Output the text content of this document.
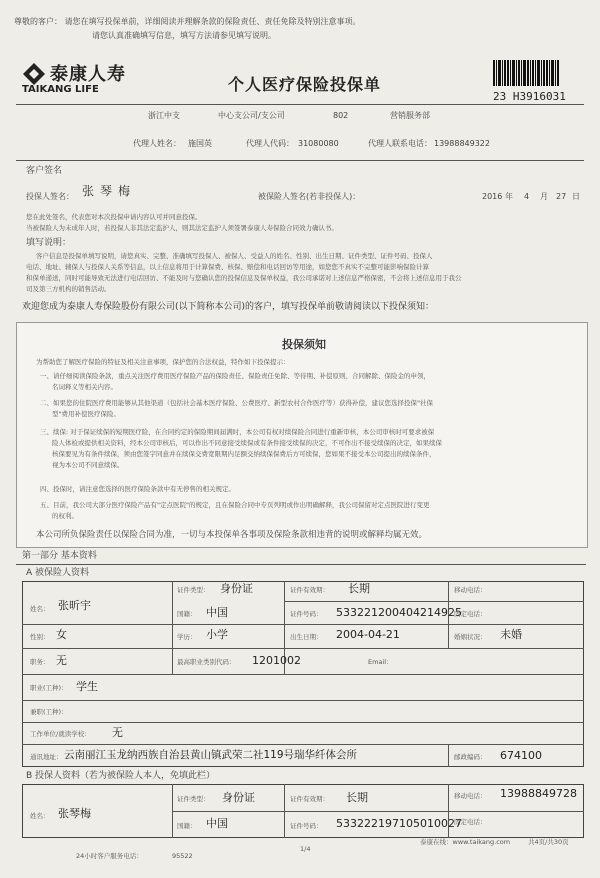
尊敬的客户： 请您在填写投保单前，详细阅读并理解条款的保险责任、责任免除及特别注意事项。
请您认真准确填写信息，填写方法请参见填写说明。
泰康人寿
TAIKANG LIFE	个人医疗保险投保单
23 H3916031
浙江中支	中心支公司/支公司	802	营销服务部
代理人姓名： 施国英	代理人代码： 31080080	代理人联系电话： 13988849322
客户签名
投保人签名： 张琴梅	被保险人签名(若非投保人)：	2016 年 4 月 27 日
您在此处签名，代表您对本次投保申请内容认可并同意投保。
当被保险人为未成年人时，若投保人非其法定监护人，则其法定监护人须签署泰康人寿保险合同效力确认书。
填写说明：
客户信息是投保单填写说明，请您真实、完整、准确填写投保人、被保人、受益人的姓名、性别、出生日期、证件类型、证件号码、投保人
电话、地址、辅保人与投保人关系等信息，以上信息将用于计算保费、核保、赔偿和电话回访等用途，如您您不真实不完整可能影响保险计算
和保单递送，同时可能导致无法进行电话回访、不能及时与您确认您的投保信息及保单权益，我公司承诺对上述信息严格保密，不会将上述信息用于我公
司及第三方机构的销售活动。
欢迎您成为泰康人寿保险股份有限公司(以下简称本公司)的客户，填写投保单前敬请阅读以下投保须知：
投保须知
为帮助您了解医疗保险的特征及相关注意事项，保护您的合法权益，特作如下投保提示：
一、请仔细阅读保险条款，重点关注医疗费用医疗保险产品的保险责任、保险责任免除、等待期、补偿原则、合同解除、保险金的申领，
名词释义等相关内容。
二、如果您的住院医疗费用能够从其他渠道（包括社会基本医疗保险、公费医疗、新型农村合作医疗等）获得补偿，建议您选择投保"社保
型"费用补偿医疗保险。
三、续保: 对于保证续保的短期医疗险，在合同约定的保险期间届满时，本公司有权对续保险合同进行重新审核，本公司审核时可要求被保
险人体检或提供相关资料，经本公司审核后，可以作出不同意接受续保或有条件接受续保的决定，不可作出不接受续保的决定，如果续保
核保要见为有条件续保，须由您签字同意并在续保交费宽限期内足额交纳续保保费后方可续保，您如果不接受本公司提出的续保条件，
视为本公司不同意续保。
四、投保时，请注意您选择的医疗保险条款中有无停售的相关规定。
五、目前，我公司大部分医疗保险产品有"定点医院"的规定，且在保险合同中专页列明或作出明确解释，我公司保留对定点医院进行变更
的权利。
本公司所负保险责任以保险合同为准，一切与本投保单各事项及保险条款相违背的说明或解释均属无效。
第一部分 基本资料
A 被保险人资料
姓名： 张昕宇
证件类型： 身份证	证件有效期： 长期	移动电话：
国籍： 中国	证件号码： 533221200404214925
固定电话：
性别： 女	学历： 小学	出生日期： 2004-04-21	婚姻状况： 未婚
职务： 无	最高职业类别代码： 1201002	Email：
职业(工种)： 学生
兼职(工种)：
工作单位/就读学校： 无
通讯地址： 云南丽江玉龙纳西族自治县黄山镇武荣二社119号瑞华纤体会所	邮政编码： 674100
B 投保人资料（若为被保险人本人，免填此栏）
姓名： 张琴梅
证件类型： 身份证	证件有效期： 长期	移动电话： 13988849728
国籍： 中国	证件号码： 533222197105010027
固定电话：
24小时客户服务电话：	95522
1/4
泰康在线：www.taikang.com	共4页/共30页
